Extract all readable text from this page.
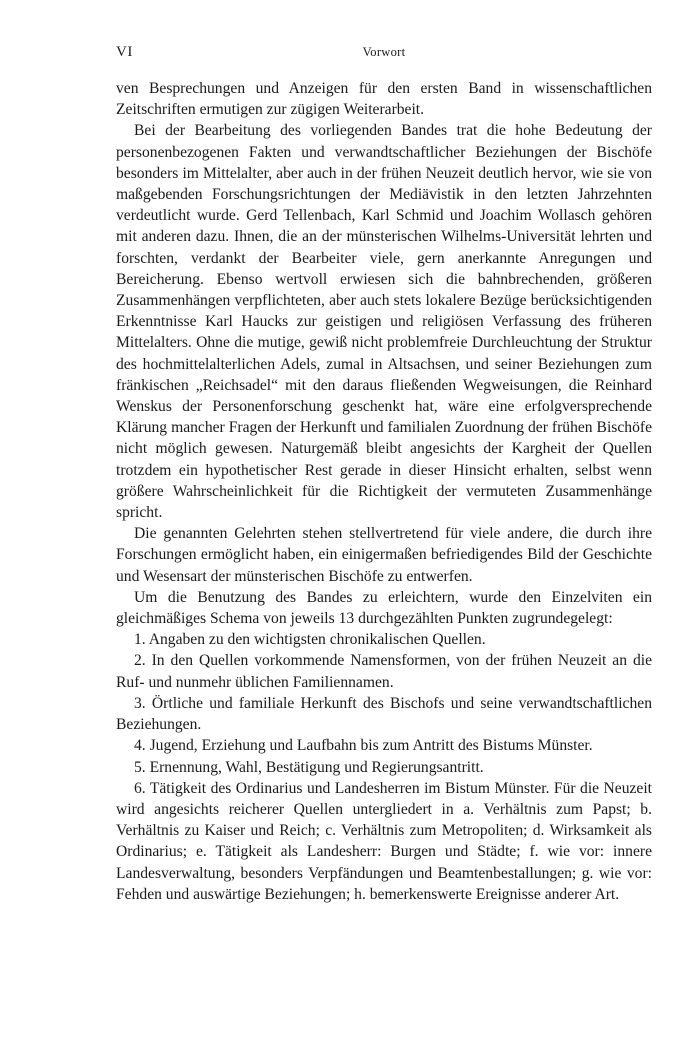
VI	Vorwort

ven Besprechungen und Anzeigen für den ersten Band in wissenschaftlichen Zeitschriften ermutigen zur zügigen Weiterarbeit.

Bei der Bearbeitung des vorliegenden Bandes trat die hohe Bedeutung der personenbezogenen Fakten und verwandtschaftlicher Beziehungen der Bischöfe besonders im Mittelalter, aber auch in der frühen Neuzeit deutlich hervor, wie sie von maßgebenden Forschungsrichtungen der Mediävistik in den letzten Jahrzehnten verdeutlicht wurde. Gerd Tellenbach, Karl Schmid und Joachim Wollasch gehören mit anderen dazu. Ihnen, die an der münsterischen Wilhelms-Universität lehrten und forschten, verdankt der Bearbeiter viele, gern anerkannte Anregungen und Bereicherung. Ebenso wertvoll erwiesen sich die bahnbrechenden, größeren Zusammenhängen verpflichteten, aber auch stets lokalere Bezüge berücksichtigenden Erkenntnisse Karl Haucks zur geistigen und religiösen Verfassung des früheren Mittelalters. Ohne die mutige, gewiß nicht problemfreie Durchleuchtung der Struktur des hochmittelalterlichen Adels, zumal in Altsachsen, und seiner Beziehungen zum fränkischen „Reichsadel“ mit den daraus fließenden Wegweisungen, die Reinhard Wenskus der Personenforschung geschenkt hat, wäre eine erfolgversprechende Klärung mancher Fragen der Herkunft und familialen Zuordnung der frühen Bischöfe nicht möglich gewesen. Naturgemäß bleibt angesichts der Kargheit der Quellen trotzdem ein hypothetischer Rest gerade in dieser Hinsicht erhalten, selbst wenn größere Wahrscheinlichkeit für die Richtigkeit der vermuteten Zusammenhänge spricht.

Die genannten Gelehrten stehen stellvertretend für viele andere, die durch ihre Forschungen ermöglicht haben, ein einigermaßen befriedigendes Bild der Geschichte und Wesensart der münsterischen Bischöfe zu entwerfen.

Um die Benutzung des Bandes zu erleichtern, wurde den Einzelviten ein gleichmäßiges Schema von jeweils 13 durchgezählten Punkten zugrundegelegt:

1. Angaben zu den wichtigsten chronikalischen Quellen.

2. In den Quellen vorkommende Namensformen, von der frühen Neuzeit an die Ruf- und nunmehr üblichen Familiennamen.

3. Örtliche und familiale Herkunft des Bischofs und seine verwandtschaftlichen Beziehungen.

4. Jugend, Erziehung und Laufbahn bis zum Antritt des Bistums Münster.

5. Ernennung, Wahl, Bestätigung und Regierungsantritt.

6. Tätigkeit des Ordinarius und Landesherren im Bistum Münster. Für die Neuzeit wird angesichts reicherer Quellen untergliedert in a. Verhältnis zum Papst; b. Verhältnis zu Kaiser und Reich; c. Verhältnis zum Metropoliten; d. Wirksamkeit als Ordinarius; e. Tätigkeit als Landesherr: Burgen und Städte; f. wie vor: innere Landesverwaltung, besonders Verpfändungen und Beamtenbestallungen; g. wie vor: Fehden und auswärtige Beziehungen; h. bemerkenswerte Ereignisse anderer Art.
